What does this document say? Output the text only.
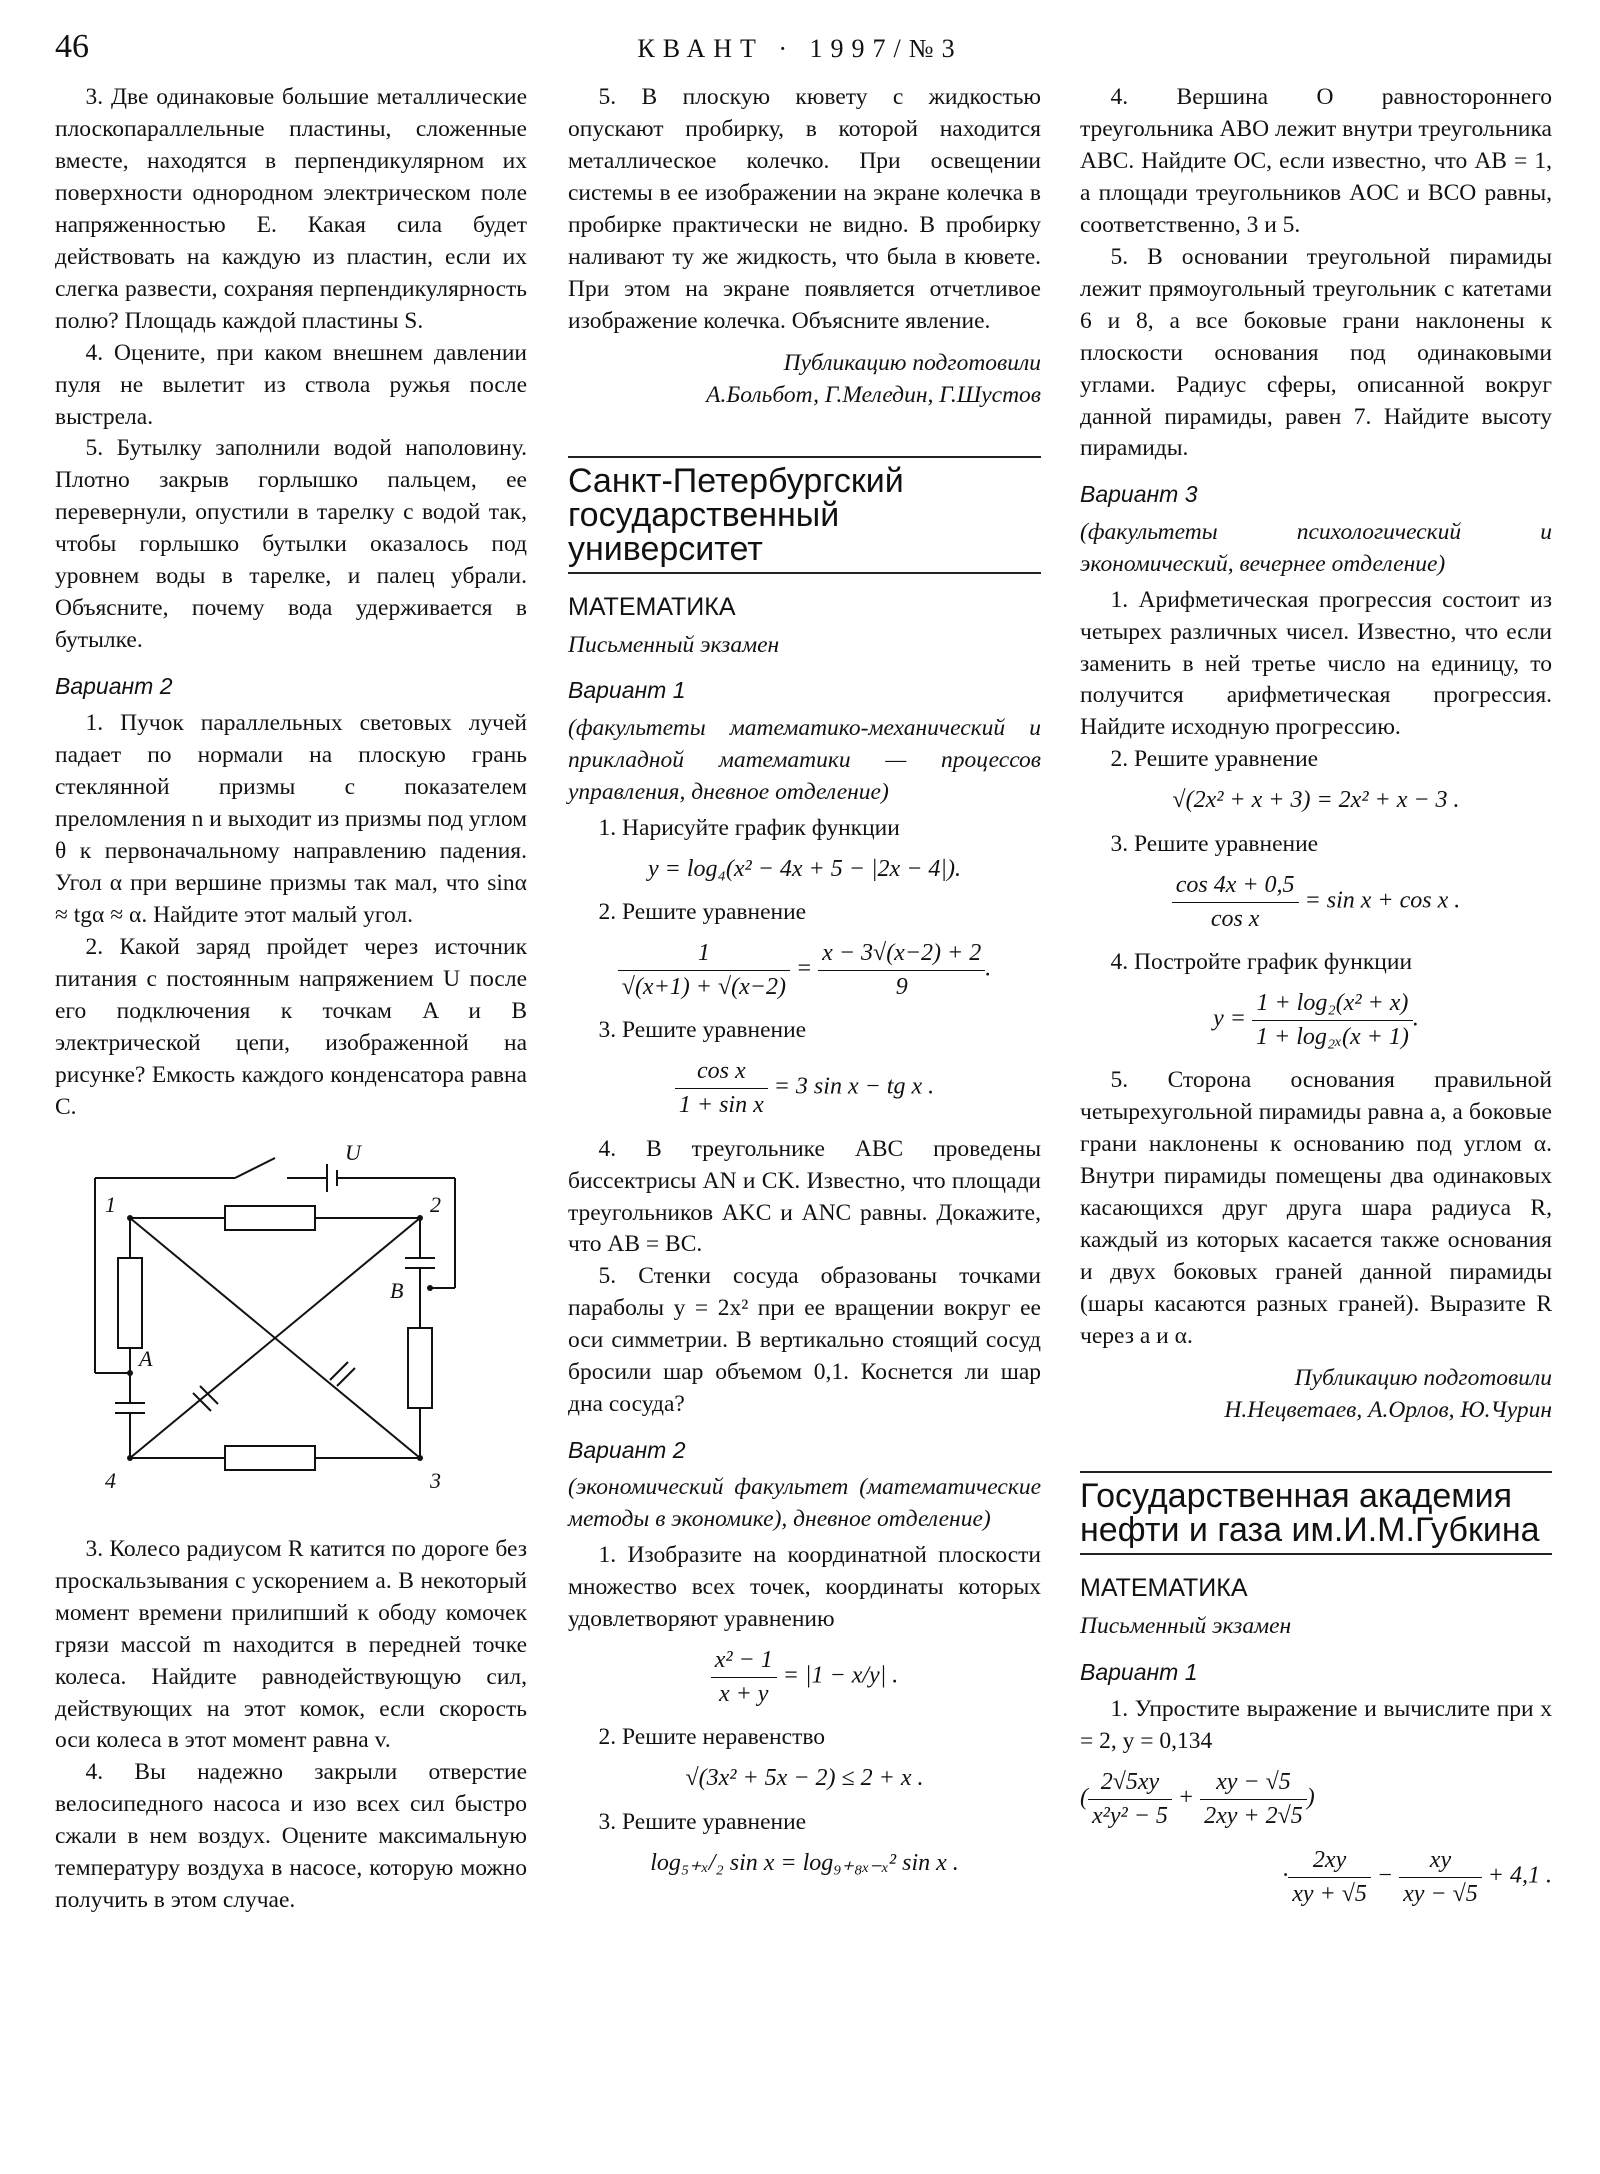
46	КВАНТ · 1997/№3

3. Две одинаковые большие металлические плоскопараллельные пластины, сложенные вместе, находятся в перпендикулярном их поверхности однородном электрическом поле напряженностью E. Какая сила будет действовать на каждую из пластин, если их слегка развести, сохраняя перпендикулярность полю? Площадь каждой пластины S.

4. Оцените, при каком внешнем давлении пуля не вылетит из ствола ружья после выстрела.

5. Бутылку заполнили водой наполовину. Плотно закрыв горлышко пальцем, ее перевернули, опустили в тарелку с водой так, чтобы горлышко бутылки оказалось под уровнем воды в тарелке, и палец убрали. Объясните, почему вода удерживается в бутылке.

Вариант 2

1. Пучок параллельных световых лучей падает по нормали на плоскую грань стеклянной призмы с показателем преломления n и выходит из призмы под углом θ к первоначальному направлению падения. Угол α при вершине призмы так мал, что sinα ≈ tgα ≈ α. Найдите этот малый угол.

2. Какой заряд пройдет через источник питания с постоянным напряжением U после его подключения к точкам A и B электрической цепи, изображенной на рисунке? Емкость каждого конденсатора равна C.

U
1	2
3
4
A
B

3. Колесо радиусом R катится по дороге без проскальзывания с ускорением a. В некоторый момент времени прилипший к ободу комочек грязи массой m находится в передней точке колеса. Найдите равнодействующую сил, действующих на этот комок, если скорость оси колеса в этот момент равна v.

4. Вы надежно закрыли отверстие велосипедного насоса и изо всех сил быстро сжали в нем воздух. Оцените максимальную температуру воздуха в насосе, которую можно получить в этом случае.

5. В плоскую кювету с жидкостью опускают пробирку, в которой находится металлическое колечко. При освещении системы в ее изображении на экране колечка в пробирке практически не видно. В пробирку наливают ту же жидкость, что была в кювете. При этом на экране появляется отчетливое изображение колечка. Объясните явление.

Публикацию подготовили
А.Больбот, Г.Меледин, Г.Шустов
Санкт-Петербургский государственный университет
МАТЕМАТИКА
Письменный экзамен
Вариант 1
(факультеты математико-механический и прикладной математики — процессов управления, дневное отделение)

1. Нарисуйте график функции

y = log₄(x² − 4x + 5 − |2x − 4|).

2. Решите уравнение

$\frac{1}{√(x+1) + √(x-2)} = \frac{x - 3√(x-2) + 2}{9}$ .

3. Решите уравнение

$\frac{\text{cos x}}{\text{1 + sin x}} = 3$ sin x − tg x .

4. В треугольнике ABC проведены биссектрисы AN и CK. Известно, что площади треугольников AKC и ANC равны. Докажите, что AB = BC.

5. Стенки сосуда образованы точками параболы y = 2x² при ее вращении вокруг ее оси симметрии. В вертикально стоящий сосуд бросили шар объемом 0,1. Коснется ли шар дна сосуда?

Вариант 2
(экономический факультет (математические методы в экономике), дневное отделение)

1. Изобразите на координатной плоскости множество всех точек, координаты которых удовлетворяют уравнению

$\frac{\text{x² − 1}}{x + y} = |1 - x/y|$ .

2. Решите неравенство

√(3x² + 5x − 2) ≤ 2 + x .

3. Решите уравнение

log₅₊ₓ/₂ sin x = log₉₊₈ₓ₋ₓ² sin x .

4. Вершина O равностороннего треугольника ABO лежит внутри треугольника ABC. Найдите OC, если известно, что AB = 1, а площади треугольников AOC и BCO равны, соответственно, 3 и 5.

5. В основании треугольной пирамиды лежит прямоугольный треугольник с катетами 6 и 8, а все боковые грани наклонены к плоскости основания под одинаковыми углами. Радиус сферы, описанной вокруг данной пирамиды, равен 7. Найдите высоту пирамиды.

Вариант 3
(факультеты психологический и экономический, вечернее отделение)

1. Арифметическая прогрессия состоит из четырех различных чисел. Известно, что если заменить в ней третье число на единицу, то получится арифметическая прогрессия. Найдите исходную прогрессию.

2. Решите уравнение

√(2x² + x + 3) = 2x² + x − 3 .

3. Решите уравнение

$\frac{\cos 4x + 0,5}{\text{cos x}} = \sin x + \cos x$ .

4. Постройте график функции

$y = \frac{\text{1 + log₂(x² + x)}}{\text{1 + log₂ₓ(x + 1)}}$ .

5. Сторона основания правильной четырехугольной пирамиды равна a, а боковые грани наклонены к основанию под углом α. Внутри пирамиды помещены два одинаковых касающихся друг друга шара радиуса R, каждый из которых касается также основания и двух боковых граней данной пирамиды (шары касаются разных граней). Выразите R через a и α.

Публикацию подготовили
Н.Нецветаев, А.Орлов, Ю.Чурин
Государственная академия нефти и газа им.И.М.Губкина
МАТЕМАТИКА
Письменный экзамен
Вариант 1

1. Упростите выражение и вычислите при x = 2, y = 0,134

( $\frac{2√5xy}{\text{x²y² − 5}} + \frac{xy - √5}{2xy + 2√5}$ )
· $\frac{2xy}{xy + √5} - \frac{xy}{xy - √5} + 4,1$ .
